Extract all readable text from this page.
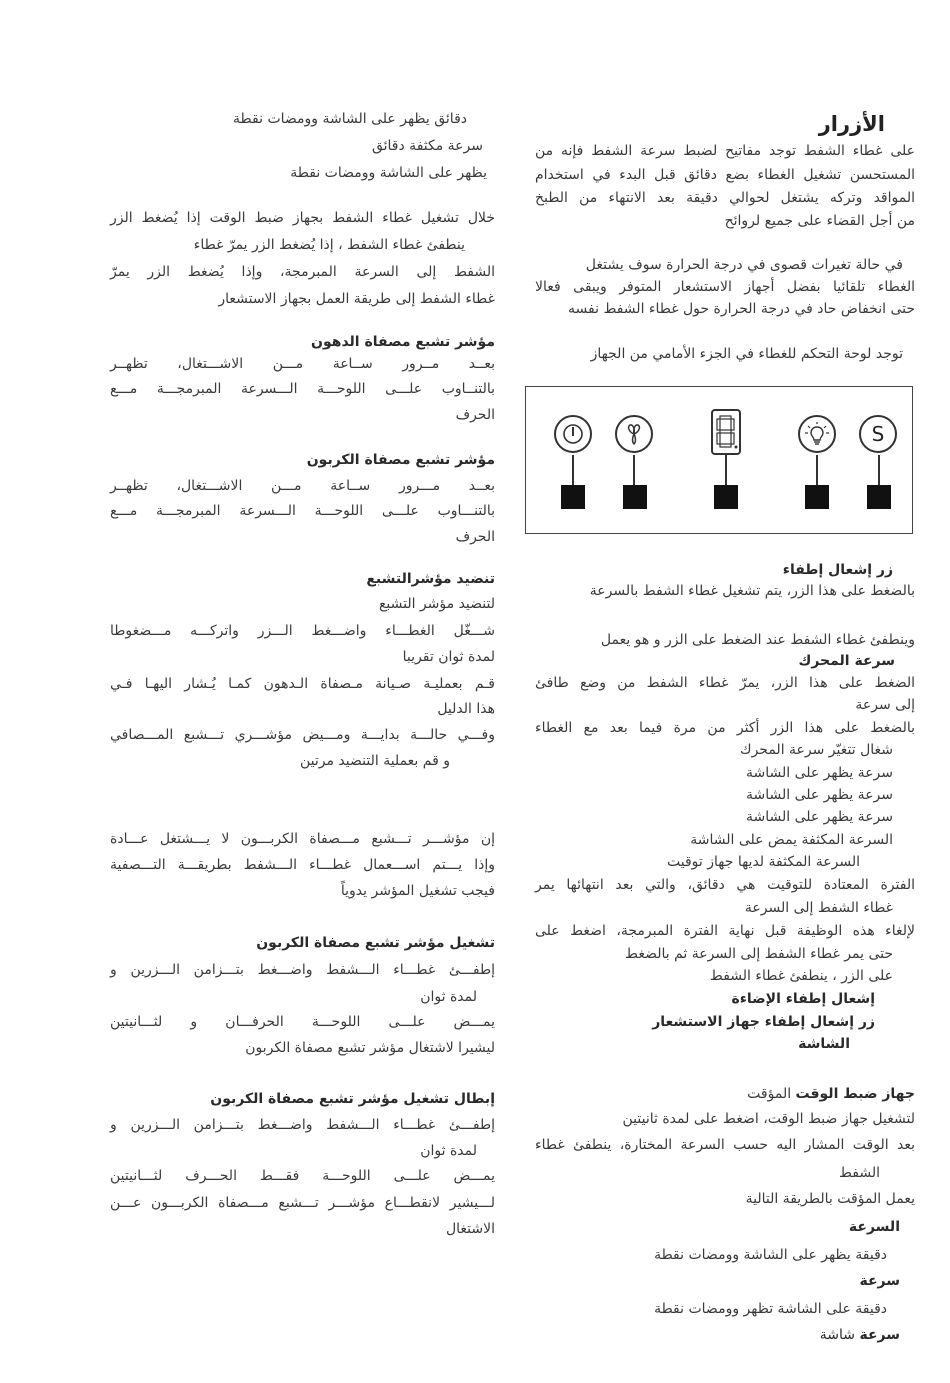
الأزرار
على غطاء الشفط توجد مفاتيح لضبط سرعة الشفط فإنه من
المستحسن تشغيل الغطاء بضع دقائق قبل البدء في استخدام
المواقد وتركه يشتغل لحوالي دقيقة بعد الانتهاء من الطبخ
من أجل القضاء على جميع لروائح
في حالة تغيرات قصوى في درجة الحرارة سوف يشتغل
الغطاء تلقائيا بفضل أجهاز الاستشعار المتوفر ويبقى فعالا
حتى انخفاض حاد في درجة الحرارة حول غطاء الشفط نفسه
توجد لوحة التحكم للغطاء في الجزء الأمامي من الجهاز
زر إشعال إطفاء
بالضغط على هذا الزر، يتم تشغيل غطاء الشفط بالسرعة
وينطفئ غطاء الشفط عند الضغط على الزر و هو يعمل
سرعة المحرك
الضغط على هذا الزر، يمرّ غطاء الشفط من وضع طافئ
إلى سرعة
بالضغط على هذا الزر أكثر من مرة فيما بعد مع الغطاء
شغال تتغيّر سرعة المحرك
سرعة يظهر على الشاشة
سرعة يظهر على الشاشة
سرعة يظهر على الشاشة
السرعة المكثفة يمض على الشاشة
السرعة المكثفة لديها جهاز توقيت
الفترة المعتادة للتوقيت هي دقائق، والتي بعد انتهائها يمر
غطاء الشفط إلى السرعة
لإلغاء هذه الوظيفة قبل نهاية الفترة المبرمجة، اضغط على
حتى يمر غطاء الشفط إلى السرعة ثم بالضغط
على الزر ، ينطفئ غطاء الشفط
إشعال إطفاء الإضاءة
زر إشعال إطفاء جهاز الاستشعار
الشاشة
جهاز ضبط الوقت المؤقت
لتشغيل جهاز ضبط الوقت، اضغط على لمدة ثانيتين
بعد الوقت المشار اليه حسب السرعة المختارة، ينطفئ غطاء
الشفط
يعمل المؤقت بالطريقة التالية
السرعة
دقيقة يظهر على الشاشة وومضات نقطة
سرعة
دقيقة على الشاشة تظهر وومضات نقطة
سرعة شاشة
S
دقائق يظهر على الشاشة وومضات نقطة
سرعة مكثفة دقائق
يظهر على الشاشة وومضات نقطة
خلال تشغيل غطاء الشفط بجهاز ضبط الوقت إذا يُضغط الزر
ينطفئ غطاء الشفط ، إذا يُضغط الزر يمرّ غطاء
الشفط إلى السرعة المبرمجة، وإذا يُضغط الزر يمرّ
غطاء الشفط إلى طريقة العمل بجهاز الاستشعار
مؤشر تشبع مصفاة الدهون
بعــد مــرور ســاعة مـــن الاشـــتغال، تظهــر
بالتنــاوب علـــى اللوحـــة الـــسرعة المبرمجـــة مـــع
الحرف
مؤشر تشبع مصفاة الكربون
بعــد مـــرور ســاعة مـــن الاشـــتغال، تظهــر
بالتنـــاوب علـــى اللوحـــة الـــسرعة المبرمجـــة مـــع
الحرف
تنضيد مؤشرالتشبع
لتنضيد مؤشر التشبع
شـــغّل الغطـــاء واضـــغط الـــزر واتركـــه مـــضغوطا
لمدة ثوان تقريبا
قـم بعمليـة صـيانة مـصفاة الـدهون كمـا يُـشار اليهـا فـي
هذا الدليل
وفـــي حالـــة بدايـــة ومـــيض مؤشـــري تـــشبع المـــصافي
و قم بعملية التنضيد مرتين
إن مؤشـــر تـــشبع مـــصفاة الكربـــون لا يـــشتغل عـــادة
وإذا يـــتم اســـعمال غطـــاء الـــشفط بطريقـــة التـــصفية
فيجب تشغيل المؤشر يدوياً
تشغيل مؤشر تشبع مصفاة الكربون
إطفـــئ غطـــاء الـــشفط واضـــغط بتـــزامن الـــزرين و
لمدة ثوان
يمـــض علـــى اللوحـــة الحرفـــان و لثـــانيتين
ليشيرا لاشتغال مؤشر تشبع مصفاة الكربون
إبطال تشغيل مؤشر تشبع مصفاة الكربون
إطفـــئ غطـــاء الـــشفط واضـــغط بتـــزامن الـــزرين و
لمدة ثوان
يمـــض علـــى اللوحـــة فقـــط الحـــرف لثـــانيتين
لـــيشير لانقطـــاع مؤشـــر تـــشبع مـــصفاة الكربـــون عـــن
الاشتغال
